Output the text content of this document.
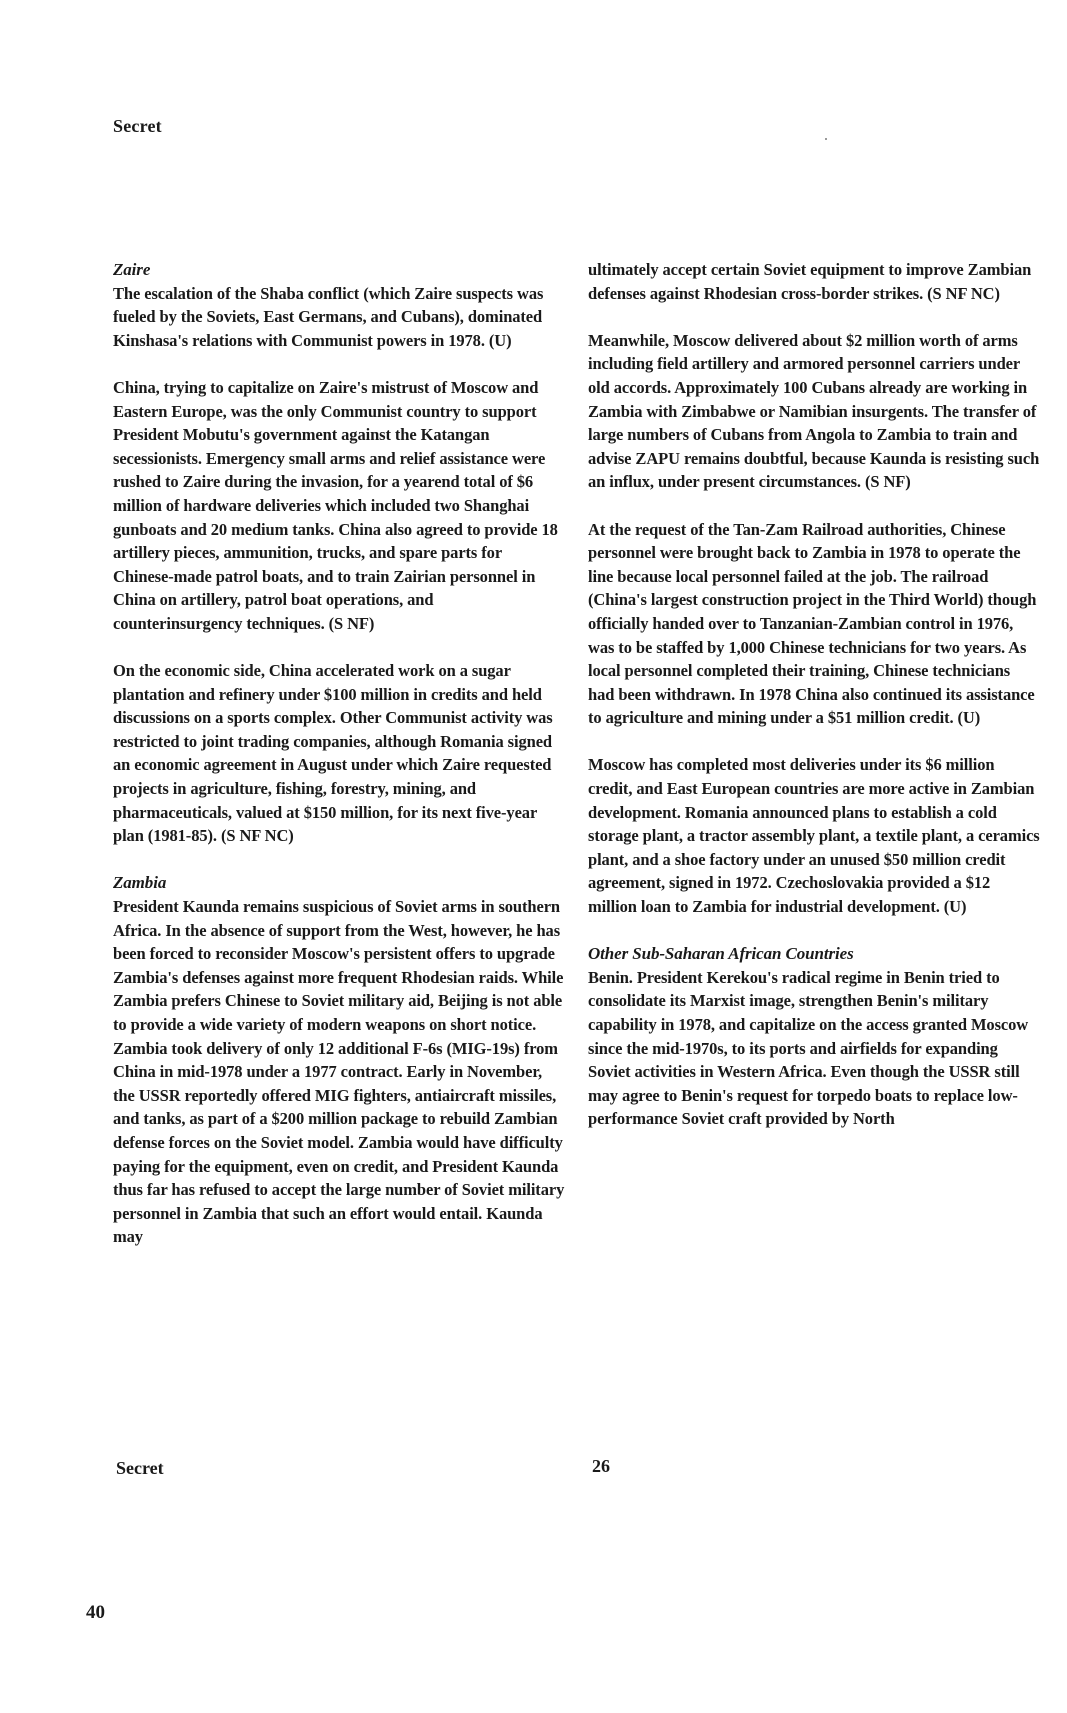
Secret
Zaire

The escalation of the Shaba conflict (which Zaire suspects was fueled by the Soviets, East Germans, and Cubans), dominated Kinshasa's relations with Communist powers in 1978. (U)

China, trying to capitalize on Zaire's mistrust of Moscow and Eastern Europe, was the only Communist country to support President Mobutu's government against the Katangan secessionists. Emergency small arms and relief assistance were rushed to Zaire during the invasion, for a yearend total of $6 million of hardware deliveries which included two Shanghai gunboats and 20 medium tanks. China also agreed to provide 18 artillery pieces, ammunition, trucks, and spare parts for Chinese-made patrol boats, and to train Zairian personnel in China on artillery, patrol boat operations, and counterinsurgency techniques. (S NF)

On the economic side, China accelerated work on a sugar plantation and refinery under $100 million in credits and held discussions on a sports complex. Other Communist activity was restricted to joint trading companies, although Romania signed an economic agreement in August under which Zaire requested projects in agriculture, fishing, forestry, mining, and pharmaceuticals, valued at $150 million, for its next five-year plan (1981-85). (S NF NC)

Zambia

President Kaunda remains suspicious of Soviet arms in southern Africa. In the absence of support from the West, however, he has been forced to reconsider Moscow's persistent offers to upgrade Zambia's defenses against more frequent Rhodesian raids. While Zambia prefers Chinese to Soviet military aid, Beijing is not able to provide a wide variety of modern weapons on short notice. Zambia took delivery of only 12 additional F-6s (MIG-19s) from China in mid-1978 under a 1977 contract. Early in November, the USSR reportedly offered MIG fighters, antiaircraft missiles, and tanks, as part of a $200 million package to rebuild Zambian defense forces on the Soviet model. Zambia would have difficulty paying for the equipment, even on credit, and President Kaunda thus far has refused to accept the large number of Soviet military personnel in Zambia that such an effort would entail. Kaunda may

ultimately accept certain Soviet equipment to improve Zambian defenses against Rhodesian cross-border strikes. (S NF NC)

Meanwhile, Moscow delivered about $2 million worth of arms including field artillery and armored personnel carriers under old accords. Approximately 100 Cubans already are working in Zambia with Zimbabwe or Namibian insurgents. The transfer of large numbers of Cubans from Angola to Zambia to train and advise ZAPU remains doubtful, because Kaunda is resisting such an influx, under present circumstances. (S NF)

At the request of the Tan-Zam Railroad authorities, Chinese personnel were brought back to Zambia in 1978 to operate the line because local personnel failed at the job. The railroad (China's largest construction project in the Third World) though officially handed over to Tanzanian-Zambian control in 1976, was to be staffed by 1,000 Chinese technicians for two years. As local personnel completed their training, Chinese technicians had been withdrawn. In 1978 China also continued its assistance to agriculture and mining under a $51 million credit. (U)

Moscow has completed most deliveries under its $6 million credit, and East European countries are more active in Zambian development. Romania announced plans to establish a cold storage plant, a tractor assembly plant, a textile plant, a ceramics plant, and a shoe factory under an unused $50 million credit agreement, signed in 1972. Czechoslovakia provided a $12 million loan to Zambia for industrial development. (U)

Other Sub-Saharan African Countries

Benin. President Kerekou's radical regime in Benin tried to consolidate its Marxist image, strengthen Benin's military capability in 1978, and capitalize on the access granted Moscow since the mid-1970s, to its ports and airfields for expanding Soviet activities in Western Africa. Even though the USSR still may agree to Benin's request for torpedo boats to replace low-performance Soviet craft provided by North

Secret	26
40
